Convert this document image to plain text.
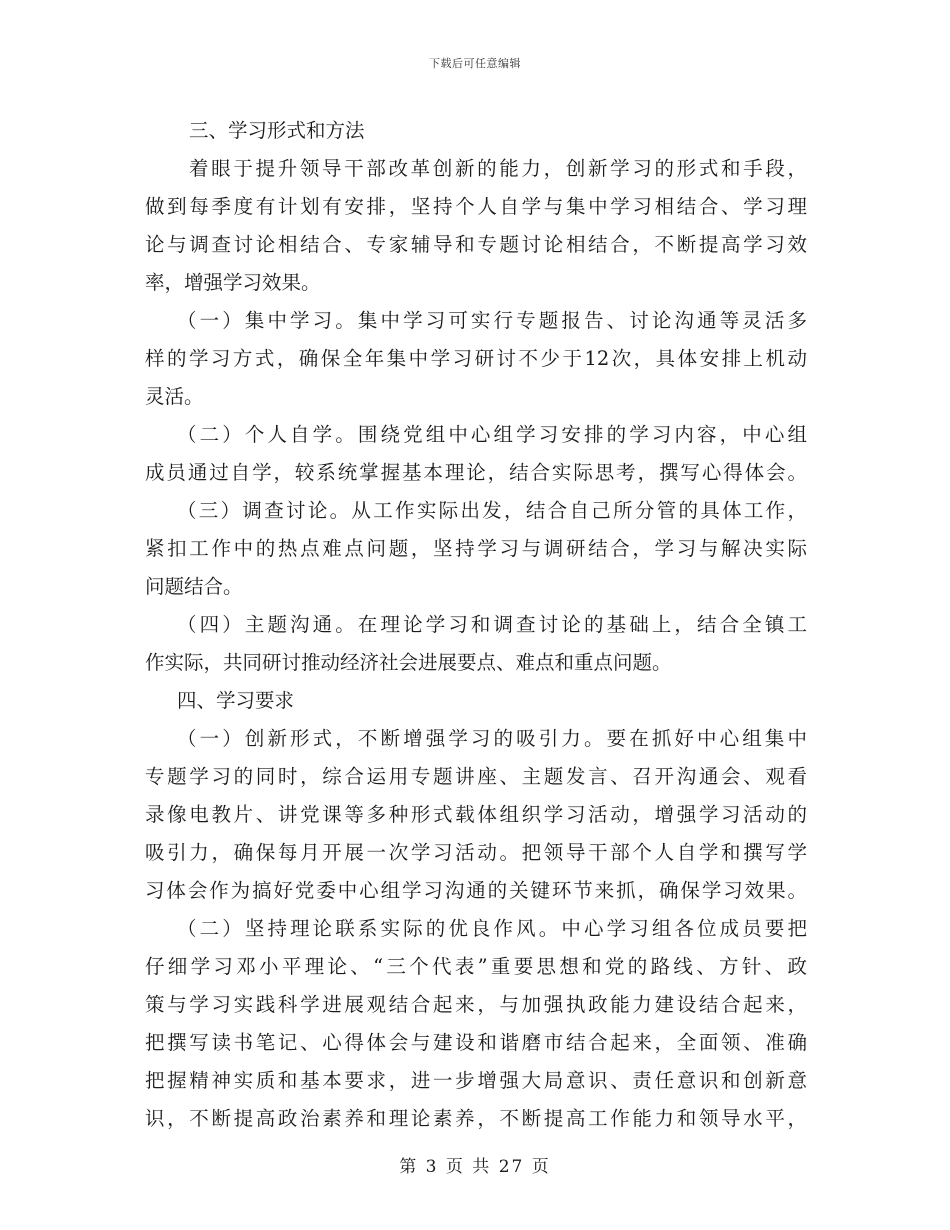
下载后可任意编辑
三、学习形式和方法
着眼于提升领导干部改革创新的能力，创新学习的形式和手段，
做到每季度有计划有安排，坚持个人自学与集中学习相结合、学习理
论与调查讨论相结合、专家辅导和专题讨论相结合，不断提高学习效
率，增强学习效果。
（一）集中学习。集中学习可实行专题报告、讨论沟通等灵活多
样的学习方式，确保全年集中学习研讨不少于12次，具体安排上机动
灵活。
（二）个人自学。围绕党组中心组学习安排的学习内容，中心组
成员通过自学，较系统掌握基本理论，结合实际思考，撰写心得体会。
（三）调查讨论。从工作实际出发，结合自己所分管的具体工作，
紧扣工作中的热点难点问题，坚持学习与调研结合，学习与解决实际
问题结合。
（四）主题沟通。在理论学习和调查讨论的基础上，结合全镇工
作实际，共同研讨推动经济社会进展要点、难点和重点问题。
四、学习要求
（一）创新形式，不断增强学习的吸引力。要在抓好中心组集中
专题学习的同时，综合运用专题讲座、主题发言、召开沟通会、观看
录像电教片、讲党课等多种形式载体组织学习活动，增强学习活动的
吸引力，确保每月开展一次学习活动。把领导干部个人自学和撰写学
习体会作为搞好党委中心组学习沟通的关键环节来抓，确保学习效果。
（二）坚持理论联系实际的优良作风。中心学习组各位成员要把
仔细学习邓小平理论、“三个代表”重要思想和党的路线、方针、政
策与学习实践科学进展观结合起来，与加强执政能力建设结合起来，
把撰写读书笔记、心得体会与建设和谐磨市结合起来，全面领、准确
把握精神实质和基本要求，进一步增强大局意识、责任意识和创新意
识，不断提高政治素养和理论素养，不断提高工作能力和领导水平，
第 3 页 共 27 页
